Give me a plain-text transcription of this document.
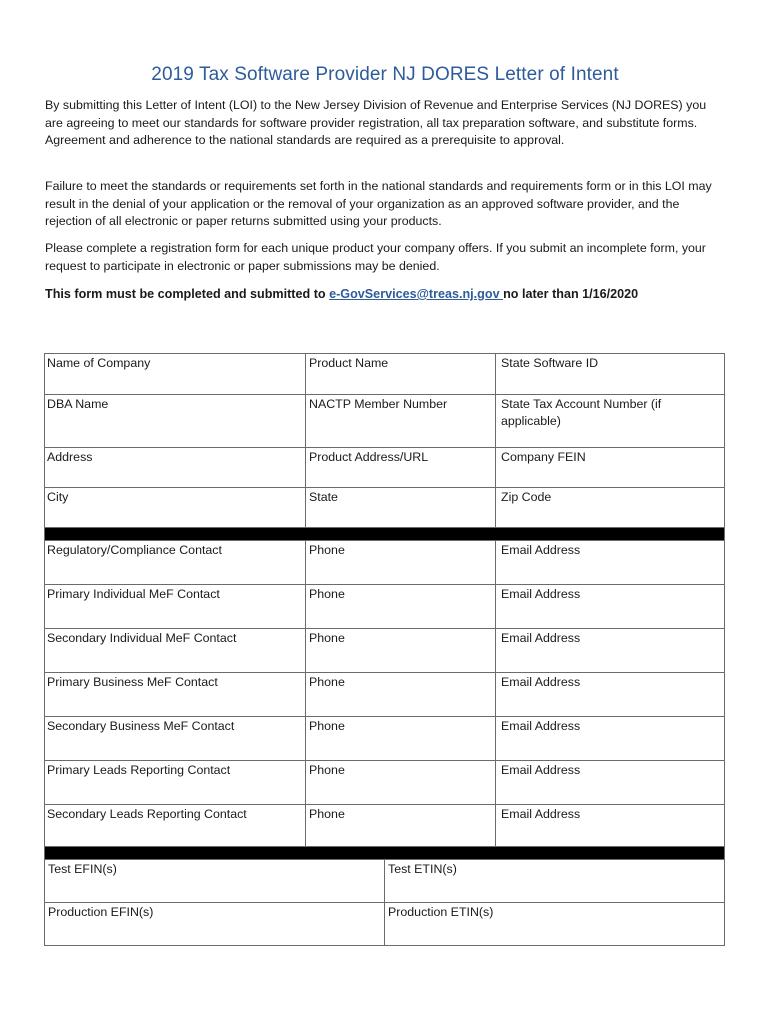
2019 Tax Software Provider NJ DORES Letter of Intent
By submitting this Letter of Intent (LOI) to the New Jersey Division of Revenue and Enterprise Services (NJ DORES) you are agreeing to meet our standards for software provider registration, all tax preparation software, and substitute forms. Agreement and adherence to the national standards are required as a prerequisite to approval.
Failure to meet the standards or requirements set forth in the national standards and requirements form or in this LOI may result in the denial of your application or the removal of your organization as an approved software provider, and the rejection of all electronic or paper returns submitted using your products.
Please complete a registration form for each unique product your company offers. If you submit an incomplete form, your request to participate in electronic or paper submissions may be denied.
This form must be completed and submitted to e-GovServices@treas.nj.gov no later than 1/16/2020
Name of Company	Product Name	State Software ID
DBA Name	NACTP Member Number	State Tax Account Number (if applicable)
Address	Product Address/URL	Company FEIN
City	State	Zip Code

Regulatory/Compliance Contact	Phone	Email Address
Primary Individual MeF Contact	Phone	Email Address
Secondary Individual MeF Contact	Phone	Email Address
Primary Business MeF Contact	Phone	Email Address
Secondary Business MeF Contact	Phone	Email Address
Primary Leads Reporting Contact	Phone	Email Address
Secondary Leads Reporting Contact	Phone	Email Address

Test EFIN(s)	Test ETIN(s)
Production EFIN(s)	Production ETIN(s)
